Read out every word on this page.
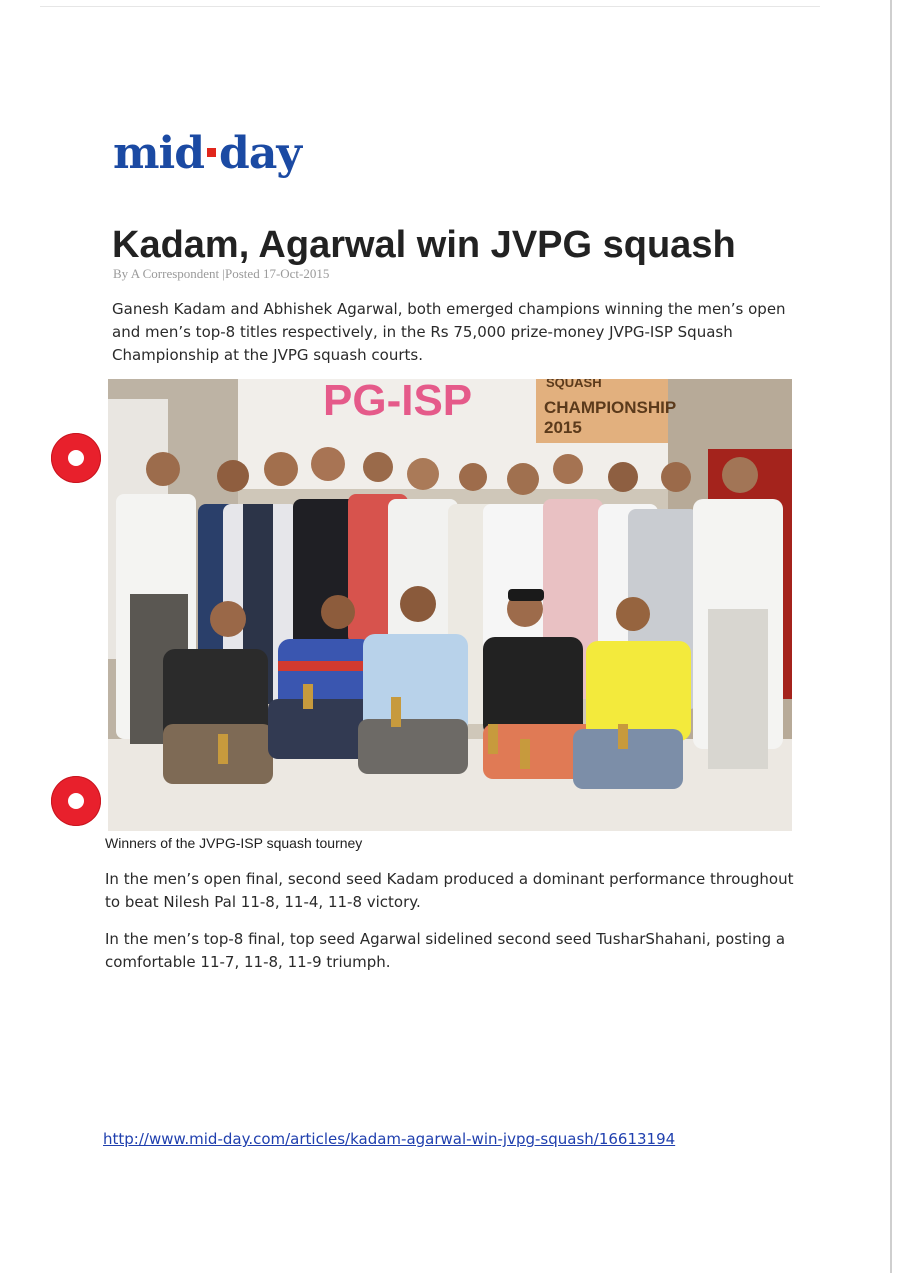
mid day
Kadam, Agarwal win JVPG squash
By A Correspondent |Posted 17-Oct-2015

Ganesh Kadam and Abhishek Agarwal, both emerged champions winning the men’s open and men’s top-8 titles respectively, in the Rs 75,000 prize-money JVPG-ISP Squash Championship at the JVPG squash courts.

PG-ISP	SQUASH
CHAMPIONSHIP
2015
Winners of the JVPG-ISP squash tourney

In the men’s open final, second seed Kadam produced a dominant performance throughout to beat Nilesh Pal 11-8, 11-4, 11-8 victory.

In the men’s top-8 final, top seed Agarwal sidelined second seed TusharShahani, posting a comfortable 11-7, 11-8, 11-9 triumph.

http://www.mid-day.com/articles/kadam-agarwal-win-jvpg-squash/16613194
